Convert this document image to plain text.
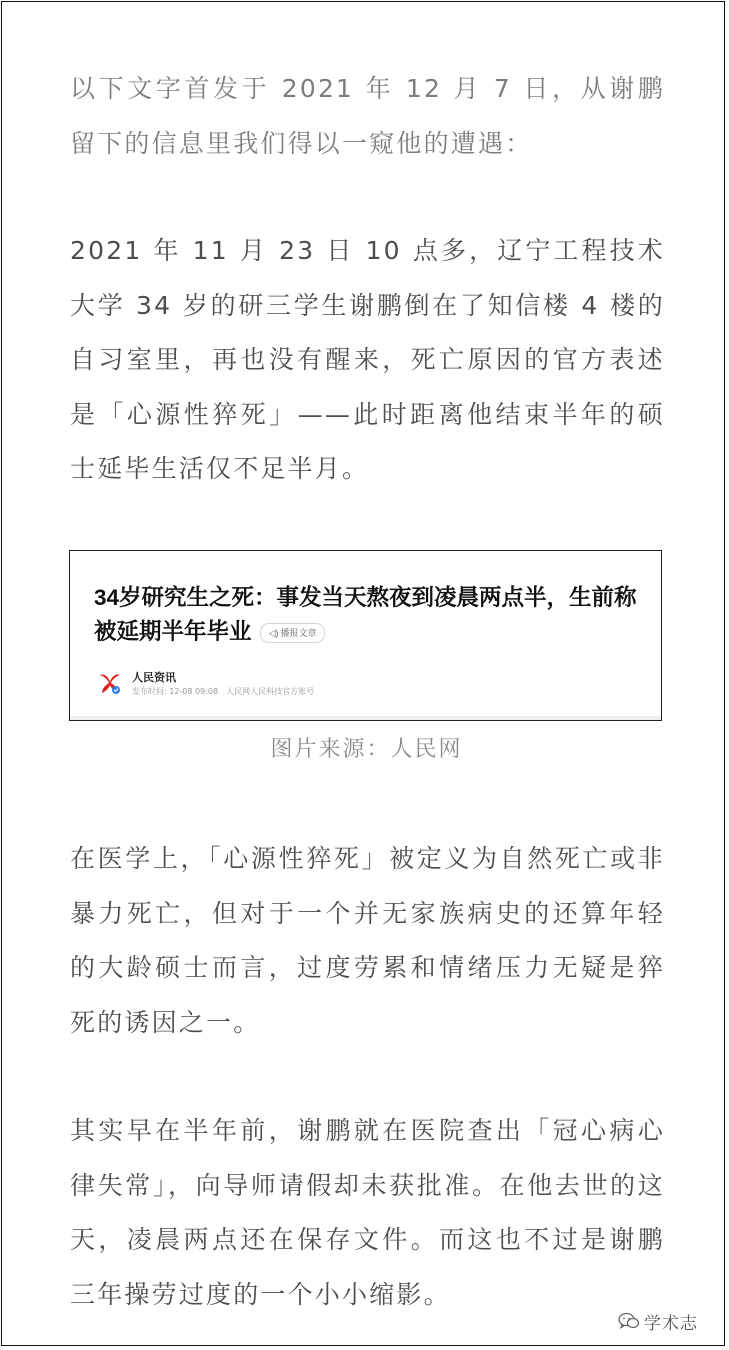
以下文字首发于 2021 年 12 月 7 日，从谢鹏留下的信息里我们得以一窥他的遭遇：

2021 年 11 月 23 日 10 点多，辽宁工程技术大学 34 岁的研三学生谢鹏倒在了知信楼 4 楼的自习室里，再也没有醒来，死亡原因的官方表述是「心源性猝死」——此时距离他结束半年的硕士延毕生活仅不足半月。

34岁研究生之死：事发当天熬夜到凌晨两点半，生前称被延期半年毕业 ◁) 播报文章
人民资讯
发布时间: 12-08 09:08 人民网人民科技官方账号
图片来源：人民网

在医学上，「心源性猝死」被定义为自然死亡或非暴力死亡，但对于一个并无家族病史的还算年轻的大龄硕士而言，过度劳累和情绪压力无疑是猝死的诱因之一。

其实早在半年前，谢鹏就在医院查出「冠心病心律失常」，向导师请假却未获批准。在他去世的这天，凌晨两点还在保存文件。而这也不过是谢鹏三年操劳过度的一个小小缩影。

学术志
